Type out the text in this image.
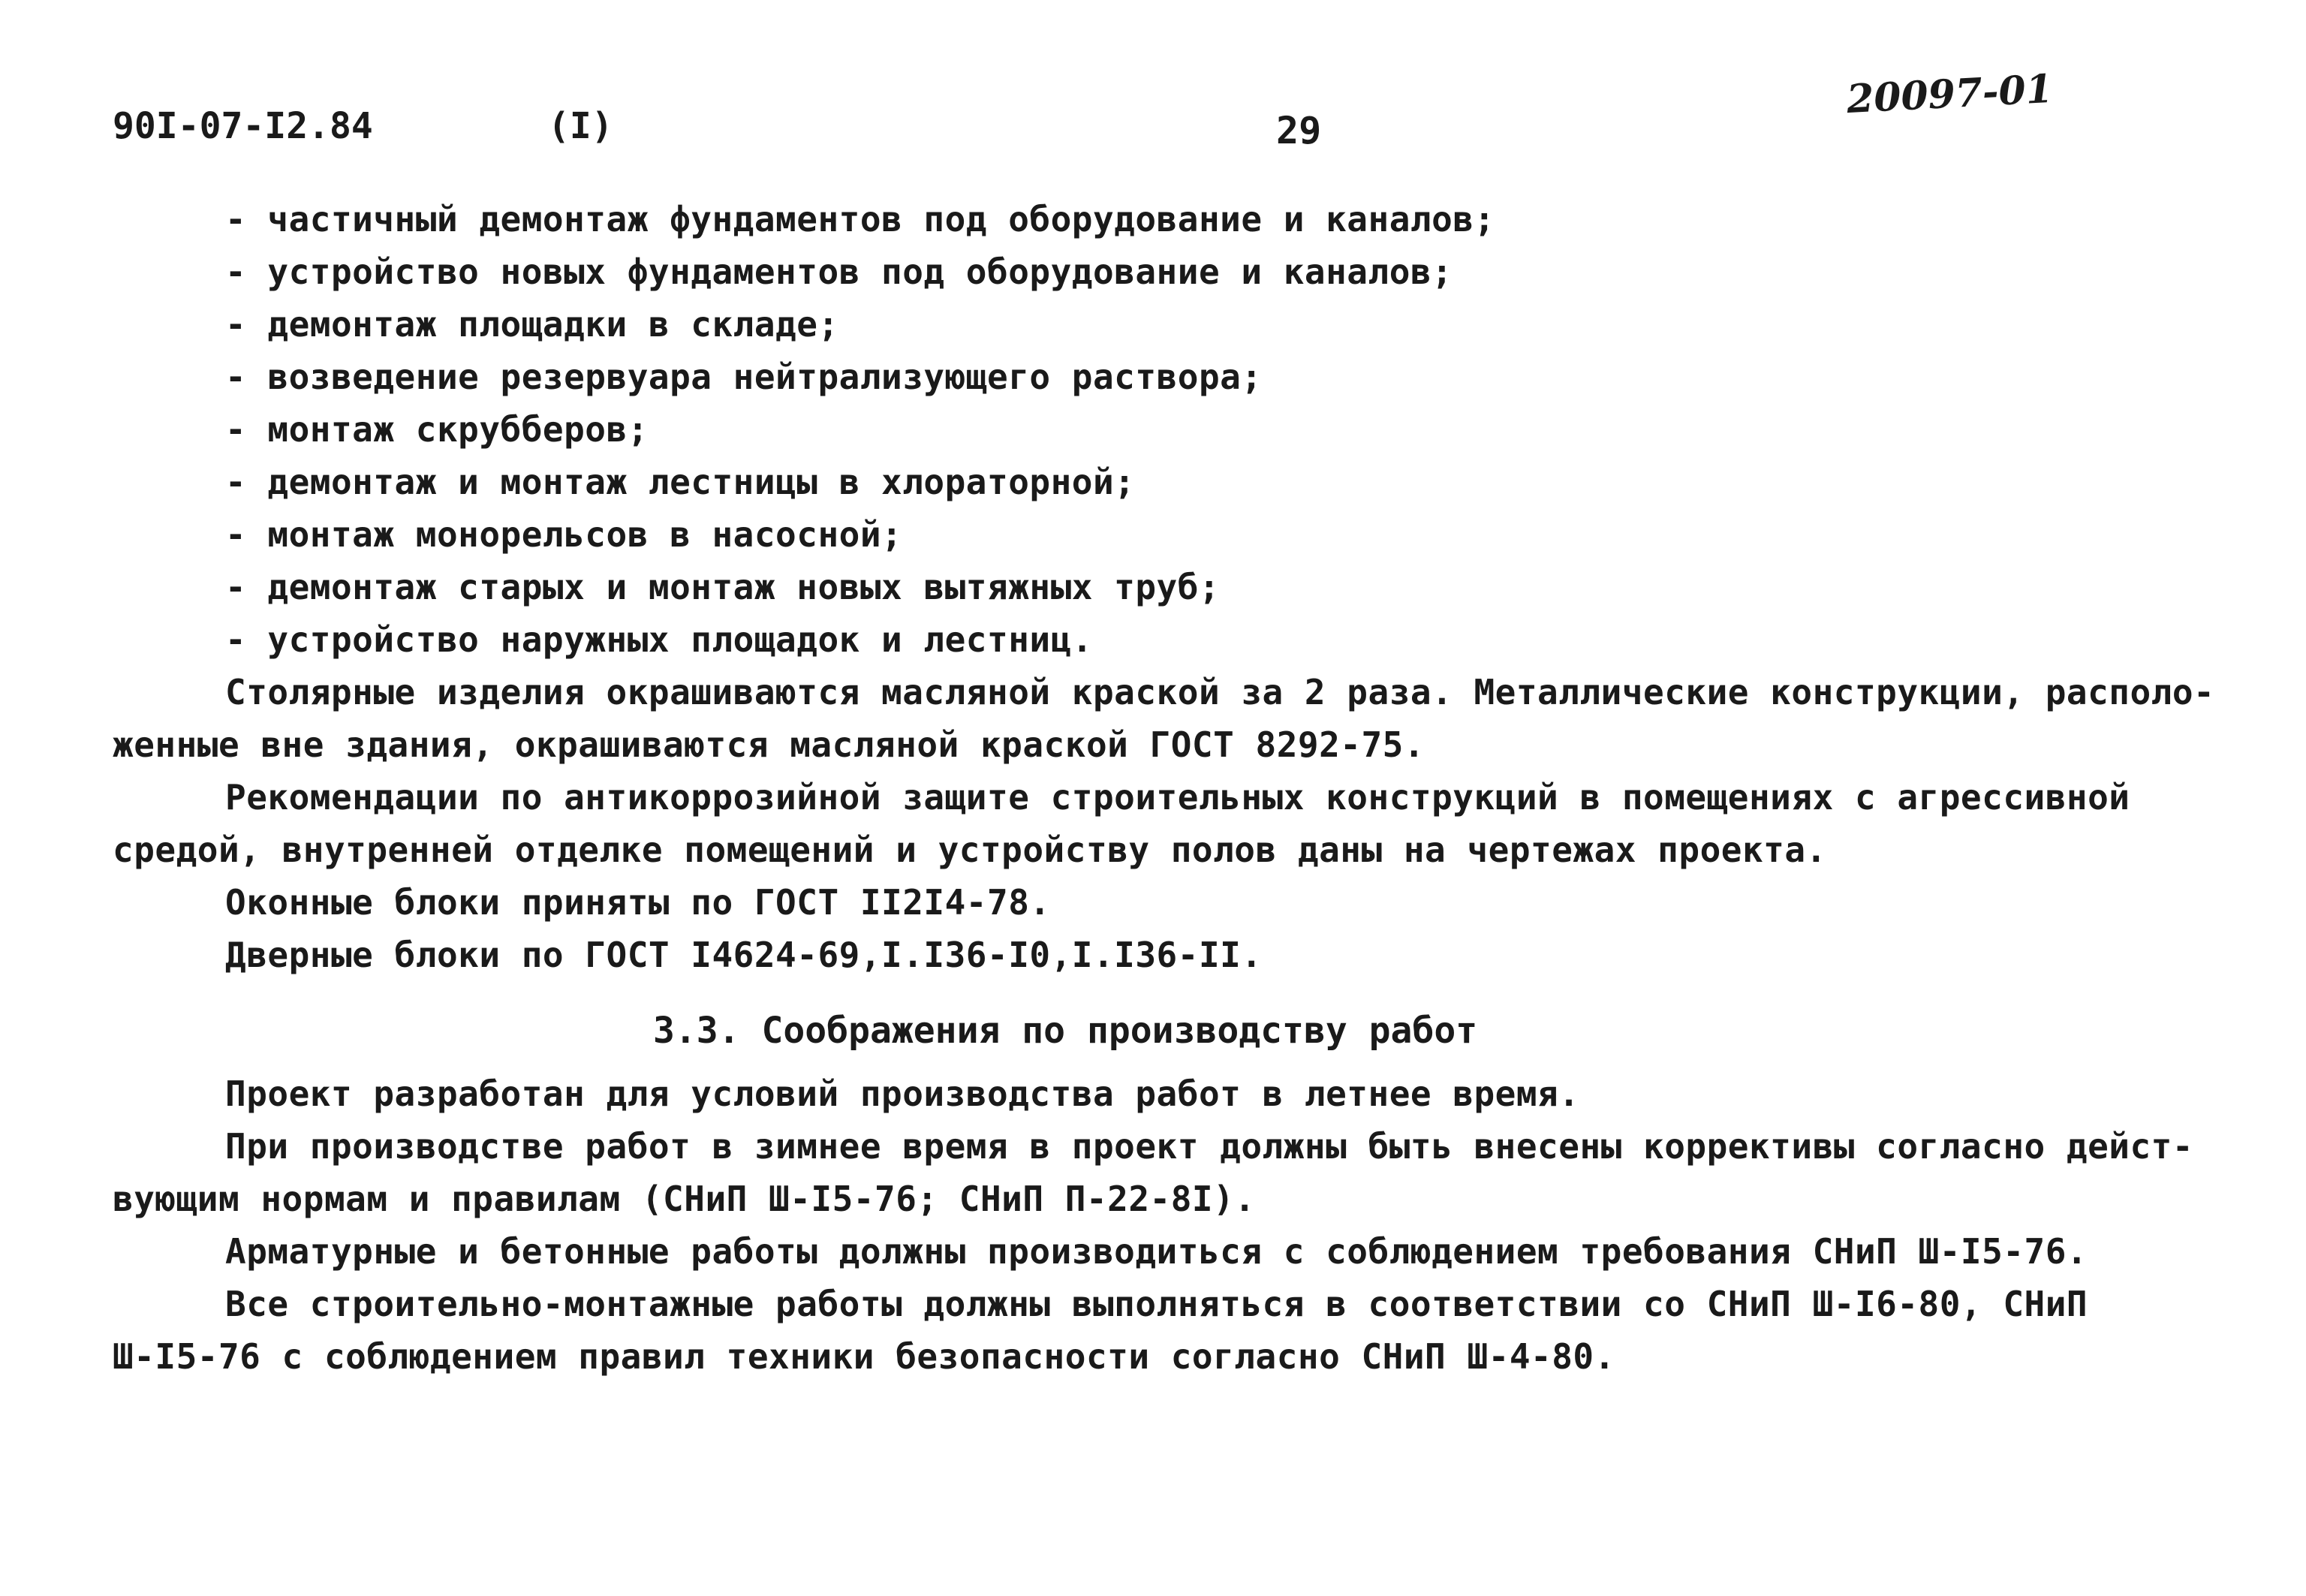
90I-07-I2.84	(I)	29
20097-01
- частичный демонтаж фундаментов под оборудование и каналов;
- устройство новых фундаментов под оборудование и каналов;
- демонтаж площадки в складе;
- возведение резервуара нейтрализующего раствора;
- монтаж скрубберов;
- демонтаж и монтаж лестницы в хлораторной;
- монтаж монорельсов в насосной;
- демонтаж старых и монтаж новых вытяжных труб;
- устройство наружных площадок и лестниц.
Столярные изделия окрашиваются масляной краской за 2 раза. Металлические конструкции, располо-
женные вне здания, окрашиваются масляной краской ГОСТ 8292-75.
Рекомендации по антикоррозийной защите строительных конструкций в помещениях с агрессивной
средой, внутренней отделке помещений и устройству полов даны на чертежах проекта.
Оконные блоки приняты по ГОСТ II2I4-78.
Дверные блоки по ГОСТ I4624-69,I.I36-I0,I.I36-II.
3.3. Соображения по производству работ
Проект разработан для условий производства работ в летнее время.
При производстве работ в зимнее время в проект должны быть внесены коррективы согласно дейст-
вующим нормам и правилам (СНиП Ш-I5-76; СНиП П-22-8I).
Арматурные и бетонные работы должны производиться с соблюдением требования СНиП Ш-I5-76.
Все строительно-монтажные работы должны выполняться в соответствии со СНиП Ш-I6-80, СНиП
Ш-I5-76 с соблюдением правил техники безопасности согласно СНиП Ш-4-80.
